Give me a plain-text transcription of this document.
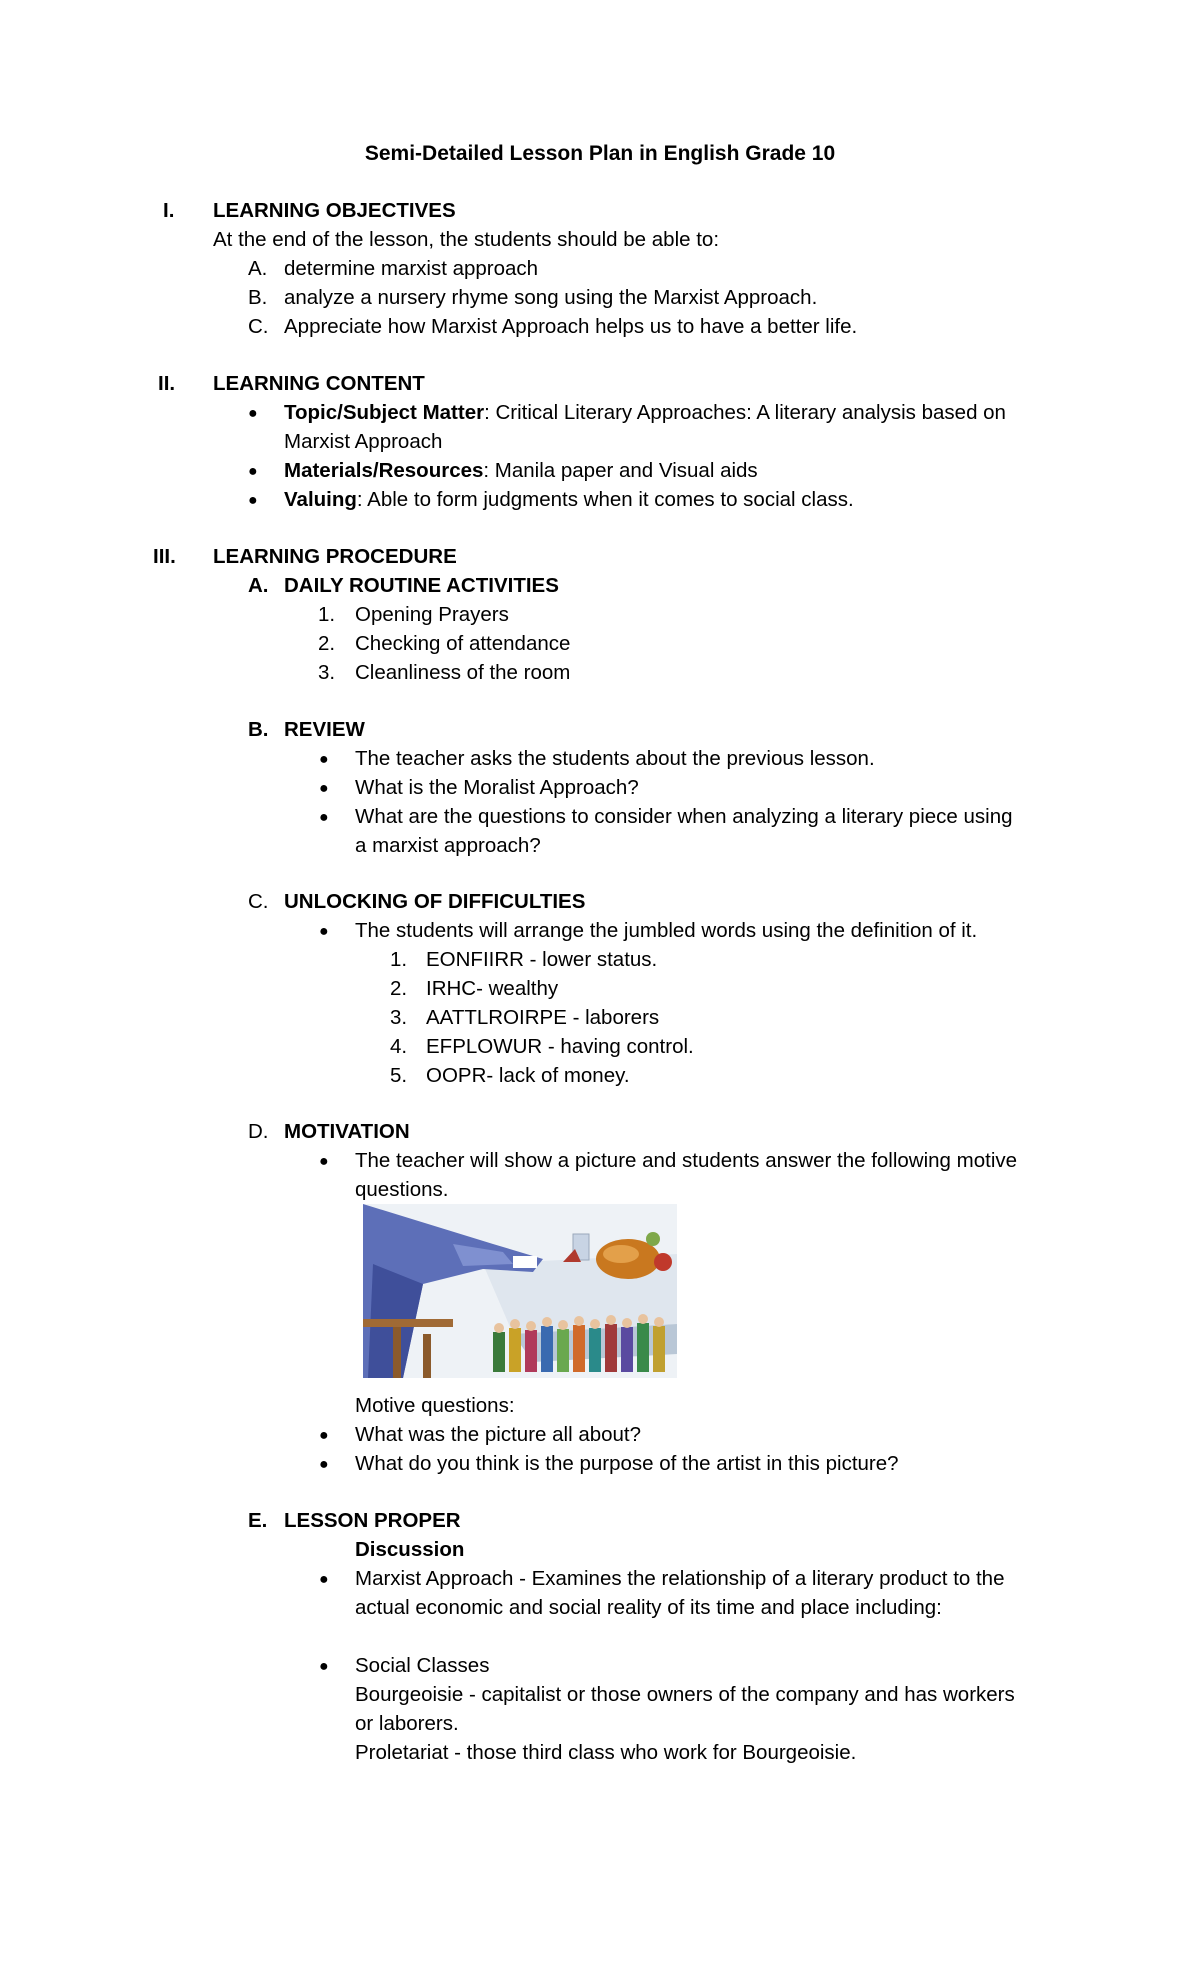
Semi-Detailed Lesson Plan in English Grade 10
I. LEARNING OBJECTIVES
At the end of the lesson, the students should be able to:
A. determine marxist approach
B. analyze a nursery rhyme song using the Marxist Approach.
C. Appreciate how Marxist Approach helps us to have a better life.
II. LEARNING CONTENT
● Topic/Subject Matter: Critical Literary Approaches: A literary analysis based on
Marxist Approach
● Materials/Resources: Manila paper and Visual aids
● Valuing: Able to form judgments when it comes to social class.
III. LEARNING PROCEDURE
A. DAILY ROUTINE ACTIVITIES
1. Opening Prayers
2. Checking of attendance
3. Cleanliness of the room
B. REVIEW
● The teacher asks the students about the previous lesson.
● What is the Moralist Approach?
● What are the questions to consider when analyzing a literary piece using
a marxist approach?
C. UNLOCKING OF DIFFICULTIES
● The students will arrange the jumbled words using the definition of it.
1. EONFIIRR - lower status.
2. IRHC- wealthy
3. AATTLROIRPE - laborers
4. EFPLOWUR - having control.
5. OOPR- lack of money.
D. MOTIVATION
● The teacher will show a picture and students answer the following motive
questions.
Motive questions:
● What was the picture all about?
● What do you think is the purpose of the artist in this picture?
E. LESSON PROPER
Discussion
● Marxist Approach - Examines the relationship of a literary product to the
actual economic and social reality of its time and place including:
● Social Classes
Bourgeoisie - capitalist or those owners of the company and has workers
or laborers.
Proletariat - those third class who work for Bourgeoisie.
